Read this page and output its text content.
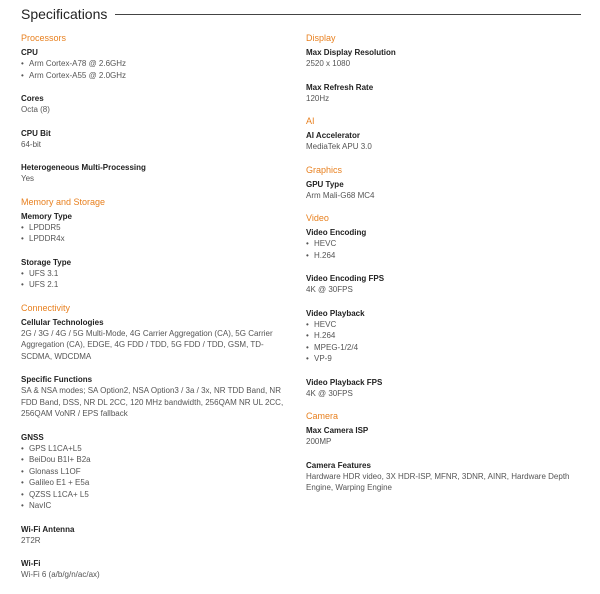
Specifications
Processors
CPU
• Arm Cortex-A78 @ 2.6GHz
• Arm Cortex-A55 @ 2.0GHz
Cores
Octa (8)
CPU Bit
64-bit
Heterogeneous Multi-Processing
Yes
Memory and Storage
Memory Type
• LPDDR5
• LPDDR4x
Storage Type
• UFS 3.1
• UFS 2.1
Connectivity
Cellular Technologies
2G / 3G / 4G / 5G Multi-Mode, 4G Carrier Aggregation (CA), 5G Carrier Aggregation (CA), EDGE, 4G FDD / TDD, 5G FDD / TDD, GSM, TD-SCDMA, WDCDMA
Specific Functions
SA & NSA modes; SA Option2, NSA Option3 / 3a / 3x, NR TDD Band, NR FDD Band, DSS, NR DL 2CC, 120 MHz bandwidth, 256QAM NR UL 2CC, 256QAM VoNR / EPS fallback
GNSS
• GPS L1CA+L5
• BeiDou B1I+ B2a
• Glonass L1OF
• Galileo E1 + E5a
• QZSS L1CA+ L5
• NavIC
Wi-Fi Antenna
2T2R
Wi-Fi
Wi-Fi 6 (a/b/g/n/ac/ax)
Display
Max Display Resolution
2520 x 1080
Max Refresh Rate
120Hz
AI
AI Accelerator
MediaTek APU 3.0
Graphics
GPU Type
Arm Mali-G68 MC4
Video
Video Encoding
• HEVC
• H.264
Video Encoding FPS
4K @ 30FPS
Video Playback
• HEVC
• H.264
• MPEG-1/2/4
• VP-9
Video Playback FPS
4K @ 30FPS
Camera
Max Camera ISP
200MP
Camera Features
Hardware HDR video, 3X HDR-ISP, MFNR, 3DNR, AINR, Hardware Depth Engine, Warping Engine
